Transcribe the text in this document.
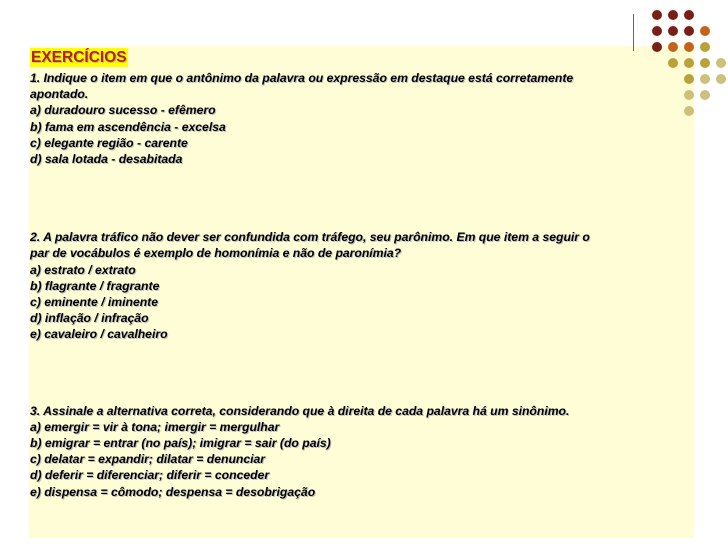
EXERCÍCIOS
1. Indique o item em que o antônimo da palavra ou expressão em destaque está corretamente
apontado.
a) duradouro sucesso - efêmero
b) fama em ascendência - excelsa
c) elegante região - carente
d) sala lotada - desabitada
2. A palavra tráfico não dever ser confundida com tráfego, seu parônimo. Em que item a seguir o
par de vocábulos é exemplo de homonímia e não de paronímia?
a) estrato / extrato
b) flagrante / fragrante
c) eminente / iminente
d) inflação / infração
e) cavaleiro / cavalheiro
3. Assinale a alternativa correta, considerando que à direita de cada palavra há um sinônimo.
a) emergir = vir à tona; imergir = mergulhar
b) emigrar = entrar (no país); imigrar = sair (do país)
c) delatar = expandir; dilatar = denunciar
d) deferir = diferenciar; diferir = conceder
e) dispensa = cômodo; despensa = desobrigação
